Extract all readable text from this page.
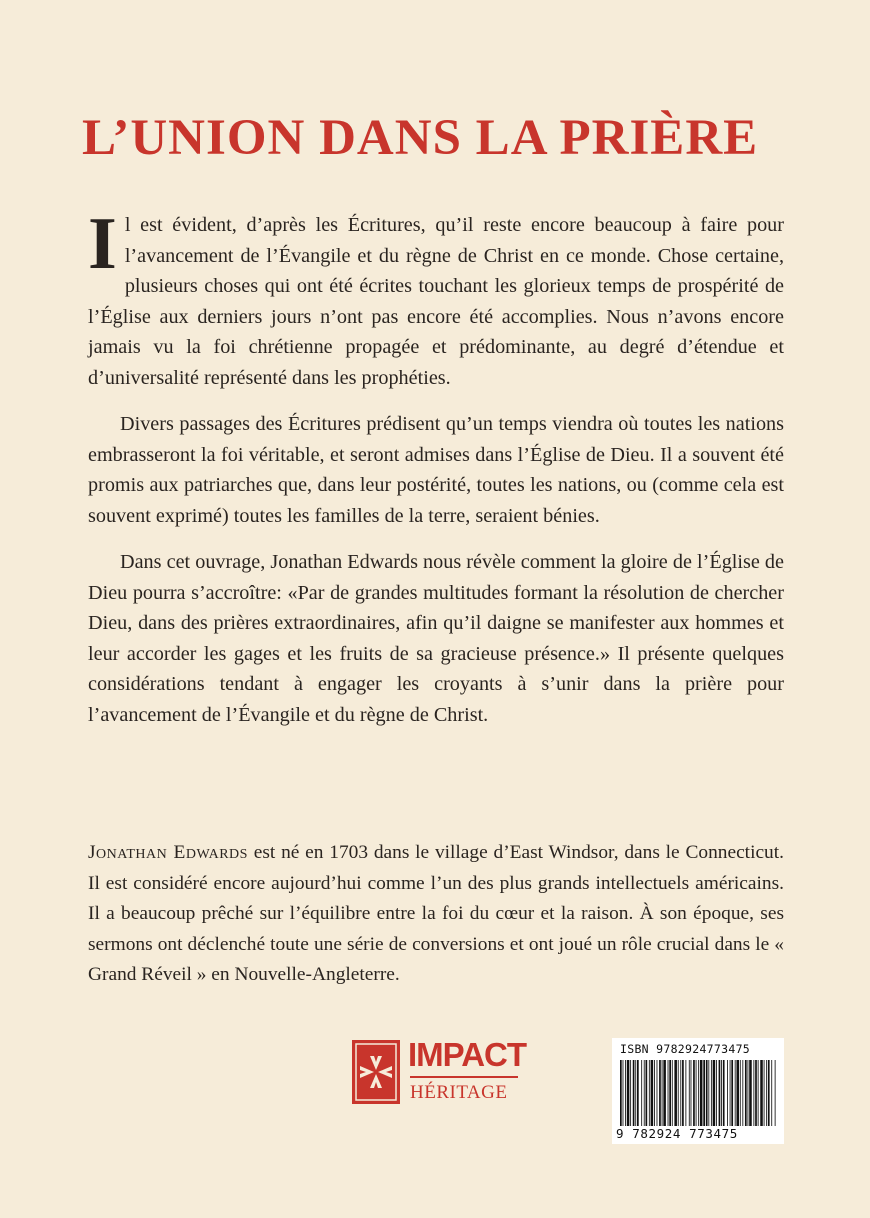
L’UNION DANS LA PRIÈRE

Il est évident, d’après les Écritures, qu’il reste encore beaucoup à faire pour l’avancement de l’Évangile et du règne de Christ en ce monde. Chose certaine, plusieurs choses qui ont été écrites touchant les glorieux temps de prospérité de l’Église aux derniers jours n’ont pas encore été accomplies. Nous n’avons encore jamais vu la foi chrétienne propagée et prédominante, au degré d’étendue et d’universalité représenté dans les prophéties.

Divers passages des Écritures prédisent qu’un temps viendra où toutes les nations embrasseront la foi véritable, et seront admises dans l’Église de Dieu. Il a souvent été promis aux patriarches que, dans leur postérité, toutes les nations, ou (comme cela est souvent exprimé) toutes les familles de la terre, seraient bénies.

Dans cet ouvrage, Jonathan Edwards nous révèle comment la gloire de l’Église de Dieu pourra s’accroître: «Par de grandes multitudes formant la résolution de chercher Dieu, dans des prières extraordinaires, afin qu’il daigne se manifester aux hommes et leur accorder les gages et les fruits de sa gracieuse présence.» Il présente quelques considérations tendant à engager les croyants à s’unir dans la prière pour l’avancement de l’Évangile et du règne de Christ.

Jonathan Edwards est né en 1703 dans le village d’East Windsor, dans le Connecticut. Il est considéré encore aujourd’hui comme l’un des plus grands intellectuels américains. Il a beaucoup prêché sur l’équilibre entre la foi du cœur et la raison. À son époque, ses sermons ont déclenché toute une série de conversions et ont joué un rôle crucial dans le « Grand Réveil » en Nouvelle-Angleterre.

IMPACT
HÉRITAGE
ISBN 9782924773475
9 782924 773475
